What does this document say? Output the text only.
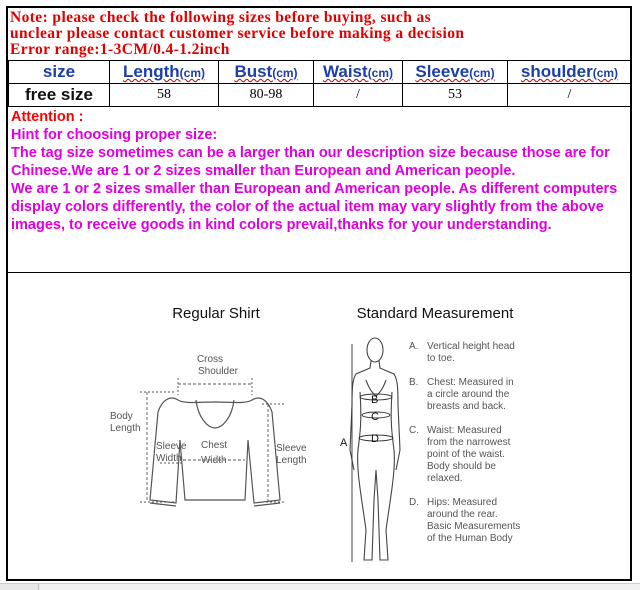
Note: please check the following sizes before buying, such as
unclear please contact customer service before making a decision
Error range:1-3CM/0.4-1.2inch
size	Length(cm)	Bust(cm)	Waist(cm)	Sleeve(cm)	shoulder(cm)
free size	58	80-98	/	53	/
Attention :

Hint for choosing proper size:

The tag size sometimes can be a larger than our description size because those are for Chinese.We are 1 or 2 sizes smaller than European and American people.

We are 1 or 2 sizes smaller than European and American people. As different computers display colors differently, the color of the actual item may vary slightly from the above images, to receive goods in kind colors prevail,thanks for your understanding.

Regular Shirt
Cross
Shoulder
Body
Length
Sleeve
Width
Chest
Width
Sleeve
Length
Standard Measurement
A
B
C
D
A. Vertical height head
to toe.
B. Chest: Measured in
a circle around the
breasts and back.
C. Waist: Measured
from the narrowest
point of the waist.
Body should be
relaxed.
D. Hips: Measured
around the rear.
Basic Measurements
of the Human Body
